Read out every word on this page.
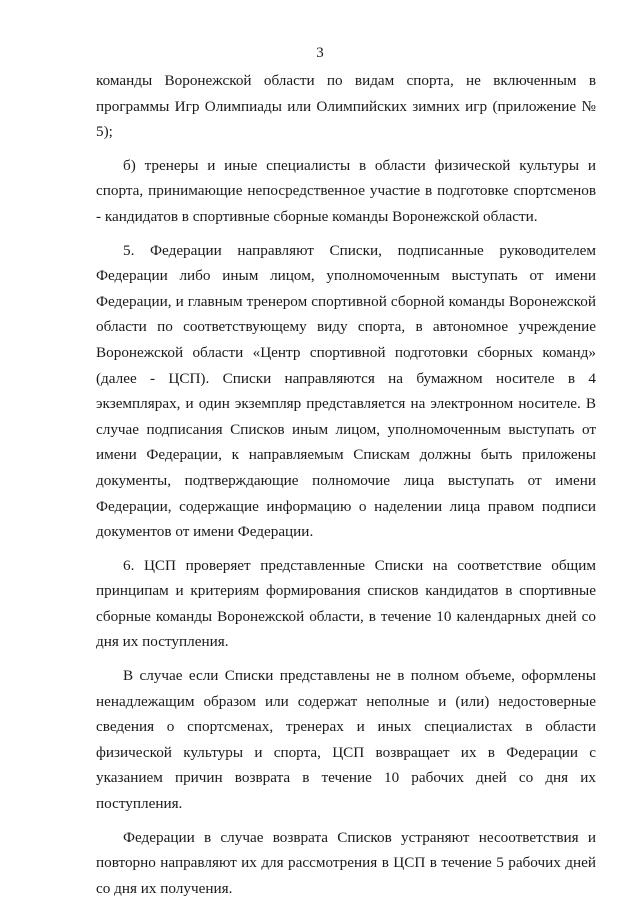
3

команды Воронежской области по видам спорта, не включенным в программы Игр Олимпиады или Олимпийских зимних игр (приложение № 5);

б) тренеры и иные специалисты в области физической культуры и спорта, принимающие непосредственное участие в подготовке спортсменов - кандидатов в спортивные сборные команды Воронежской области.

5. Федерации направляют Списки, подписанные руководителем Федерации либо иным лицом, уполномоченным выступать от имени Федерации, и главным тренером спортивной сборной команды Воронежской области по соответствующему виду спорта, в автономное учреждение Воронежской области «Центр спортивной подготовки сборных команд» (далее - ЦСП). Списки направляются на бумажном носителе в 4 экземплярах, и один экземпляр представляется на электронном носителе. В случае подписания Списков иным лицом, уполномоченным выступать от имени Федерации, к направляемым Спискам должны быть приложены документы, подтверждающие полномочие лица выступать от имени Федерации, содержащие информацию о наделении лица правом подписи документов от имени Федерации.

6. ЦСП проверяет представленные Списки на соответствие общим принципам и критериям формирования списков кандидатов в спортивные сборные команды Воронежской области, в течение 10 календарных дней со дня их поступления.

В случае если Списки представлены не в полном объеме, оформлены ненадлежащим образом или содержат неполные и (или) недостоверные сведения о спортсменах, тренерах и иных специалистах в области физической культуры и спорта, ЦСП возвращает их в Федерации с указанием причин возврата в течение 10 рабочих дней со дня их поступления.

Федерации в случае возврата Списков устраняют несоответствия и повторно направляют их для рассмотрения в ЦСП в течение 5 рабочих дней со дня их получения.
